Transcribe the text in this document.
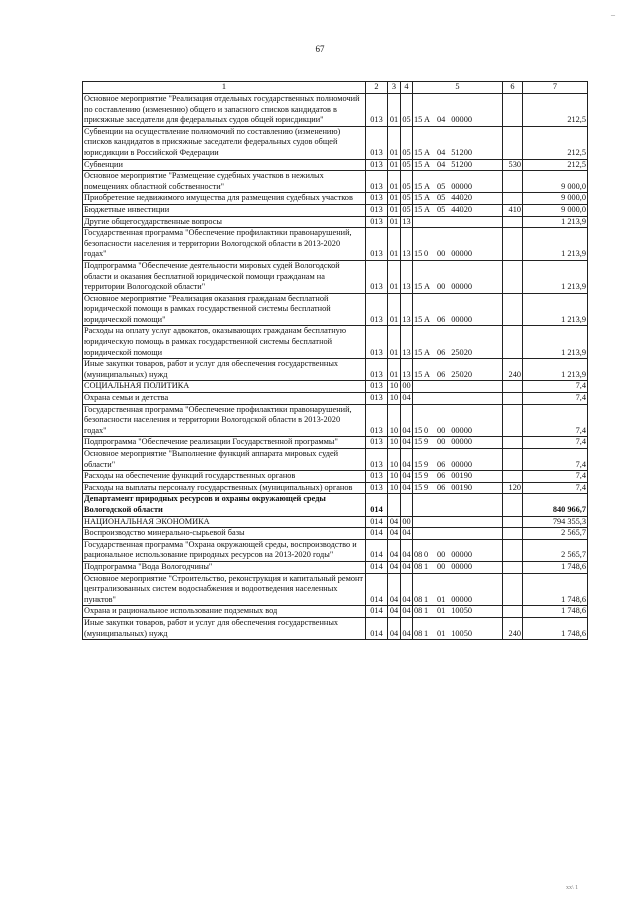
_
67
1	2	3	4	5	6	7
Основное мероприятие "Реализация отдельных государственных полномочий по составлению (изменению) общего и запасного списков кандидатов в присяжные заседатели для федеральных судов общей юрисдикции"	013	01	05	15 А 04 00000		212,5
Субвенции на осуществление полномочий по составлению (изменению) списков кандидатов в присяжные заседатели федеральных судов общей юрисдикции в Российской Федерации	013	01	05	15 А 04 51200		212,5
Субвенции	013	01	05	15 А 04 51200	530	212,5
Основное мероприятие "Размещение судебных участков в нежилых помещениях областной собственности"	013	01	05	15 А 05 00000		9 000,0
Приобретение недвижимого имущества для размещения судебных участков	013	01	05	15 А 05 44020		9 000,0
Бюджетные инвестиции	013	01	05	15 А 05 44020	410	9 000,0
Другие общегосударственные вопросы	013	01	13			1 213,9
Государственная программа "Обеспечение профилактики правонарушений, безопасности населения и территории Вологодской области в 2013-2020 годах"	013	01	13	15 0 00 00000		1 213,9
Подпрограмма "Обеспечение деятельности мировых судей Вологодской области и оказания бесплатной юридической помощи гражданам на территории Вологодской области"	013	01	13	15 А 00 00000		1 213,9
Основное мероприятие "Реализация оказания гражданам бесплатной юридической помощи в рамках государственной системы бесплатной юридической помощи"	013	01	13	15 А 06 00000		1 213,9
Расходы на оплату услуг адвокатов, оказывающих гражданам бесплатную юридическую помощь в рамках государственной системы бесплатной юридической помощи	013	01	13	15 А 06 25020		1 213,9
Иные закупки товаров, работ и услуг для обеспечения государственных (муниципальных) нужд	013	01	13	15 А 06 25020	240	1 213,9
СОЦИАЛЬНАЯ ПОЛИТИКА	013	10	00			7,4
Охрана семьи и детства	013	10	04			7,4
Государственная программа "Обеспечение профилактики правонарушений, безопасности населения и территории Вологодской области в 2013-2020 годах"	013	10	04	15 0 00 00000		7,4
Подпрограмма "Обеспечение реализации Государственной программы"	013	10	04	15 9 00 00000		7,4
Основное мероприятие "Выполнение функций аппарата мировых судей области"	013	10	04	15 9 06 00000		7,4
Расходы на обеспечение функций государственных органов	013	10	04	15 9 06 00190		7,4
Расходы на выплаты персоналу государственных (муниципальных) органов	013	10	04	15 9 06 00190	120	7,4
Департамент природных ресурсов и охраны окружающей среды Вологодской области	014					840 966,7
НАЦИОНАЛЬНАЯ ЭКОНОМИКА	014	04	00			794 355,3
Воспроизводство минерально-сырьевой базы	014	04	04			2 565,7
Государственная программа "Охрана окружающей среды, воспроизводство и рациональное использование природных ресурсов на 2013-2020 годы"	014	04	04	08 0 00 00000		2 565,7
Подпрограмма "Вода Вологодчины"	014	04	04	08 1 00 00000		1 748,6
Основное мероприятие "Строительство, реконструкция и капитальный ремонт централизованных систем водоснабжения и водоотведения населенных пунктов"	014	04	04	08 1 01 00000		1 748,6
Охрана и рациональное использование подземных вод	014	04	04	08 1 01 10050		1 748,6
Иные закупки товаров, работ и услуг для обеспечения государственных (муниципальных) нужд	014	04	04	08 1 01 10050	240	1 748,6
хх\ 1
